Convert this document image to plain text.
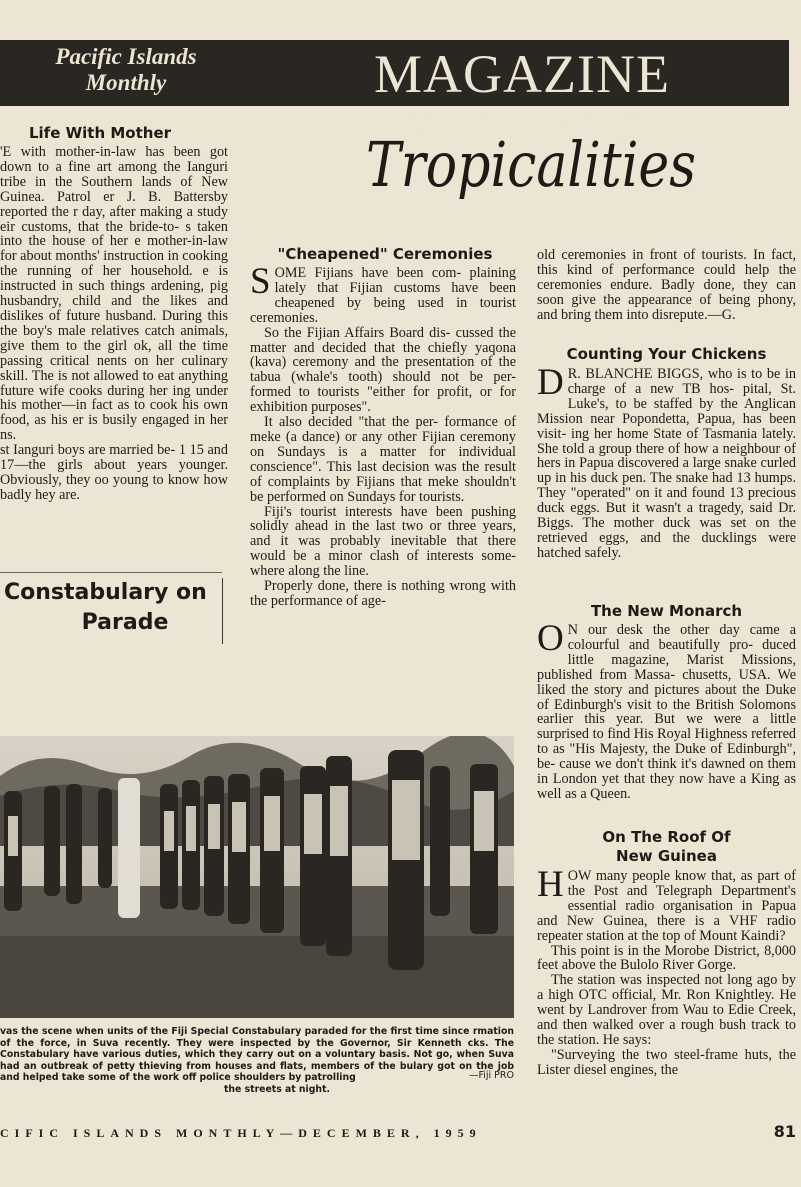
Pacific Islands
Monthly	MAGAZINE SECTION
Tropicalities
Life With Mother

'E with mother-in-law has been got down to a fine art among the Ianguri tribe in the Southern lands of New Guinea. Patrol er J. B. Battersby reported the r day, after making a study eir customs, that the bride-to- s taken into the house of her e mother-in-law for about months' instruction in cooking the running of her household. e is instructed in such things ardening, pig husbandry, child and the likes and dislikes of future husband. During this the boy's male relatives catch animals, give them to the girl ok, all the time passing critical nents on her culinary skill. The is not allowed to eat anything future wife cooks during her ing under his mother—in fact as to cook his own food, as his er is busily engaged in her ns.

st Ianguri boys are married be- 1 15 and 17—the girls about years younger. Obviously, they oo young to know how badly hey are.

Constabulary on
Parade
vas the scene when units of the Fiji Special Constabulary paraded for the first time since rmation of the force, in Suva recently. They were inspected by the Governor, Sir Kenneth cks. The Constabulary have various duties, which they carry out on a voluntary basis. Not go, when Suva had an outbreak of petty thieving from houses and flats, members of the bulary got on the job and helped take some of the work off police shoulders by patrolling
the streets at night.
—Fiji PRO
"Cheapened" Ceremonies

SOME Fijians have been com- plaining lately that Fijian customs have been cheapened by being used in tourist ceremonies.

So the Fijian Affairs Board dis- cussed the matter and decided that the chiefly yaqona (kava) ceremony and the presentation of the tabua (whale's tooth) should not be per- formed to tourists "either for profit, or for exhibition purposes".

It also decided "that the per- formance of meke (a dance) or any other Fijian ceremony on Sundays is a matter for individual conscience". This last decision was the result of complaints by Fijians that meke shouldn't be performed on Sundays for tourists.

Fiji's tourist interests have been pushing solidly ahead in the last two or three years, and it was probably inevitable that there would be a minor clash of interests some- where along the line.

Properly done, there is nothing wrong with the performance of age-

old ceremonies in front of tourists. In fact, this kind of performance could help the ceremonies endure. Badly done, they can soon give the appearance of being phony, and bring them into disrepute.—G.

Counting Your Chickens

D R. BLANCHE BIGGS, who is to be in charge of a new TB hos- pital, St. Luke's, to be staffed by the Anglican Mission near Popondetta, Papua, has been visit- ing her home State of Tasmania lately. She told a group there of how a neighbour of hers in Papua discovered a large snake curled up in his duck pen. The snake had 13 humps. They "operated" on it and found 13 precious duck eggs. But it wasn't a tragedy, said Dr. Biggs. The mother duck was set on the retrieved eggs, and the ducklings were hatched safely.

The New Monarch

O N our desk the other day came a colourful and beautifully pro- duced little magazine, Marist Missions, published from Massa- chusetts, USA. We liked the story and pictures about the Duke of Edinburgh's visit to the British Solomons earlier this year. But we were a little surprised to find His Royal Highness referred to as "His Majesty, the Duke of Edinburgh", be- cause we don't think it's dawned on them in London yet that they now have a King as well as a Queen.

On The Roof Of
New Guinea

HOW many people know that, as part of the Post and Telegraph Department's essential radio organisation in Papua and New Guinea, there is a VHF radio repeater station at the top of Mount Kaindi?

This point is in the Morobe District, 8,000 feet above the Bulolo River Gorge.

The station was inspected not long ago by a high OTC official, Mr. Ron Knightley. He went by Landrover from Wau to Edie Creek, and then walked over a rough bush track to the station. He says:

"Surveying the two steel-frame huts, the Lister diesel engines, the

CIFIC ISLANDS MONTHLY—DECEMBER, 1959	81
